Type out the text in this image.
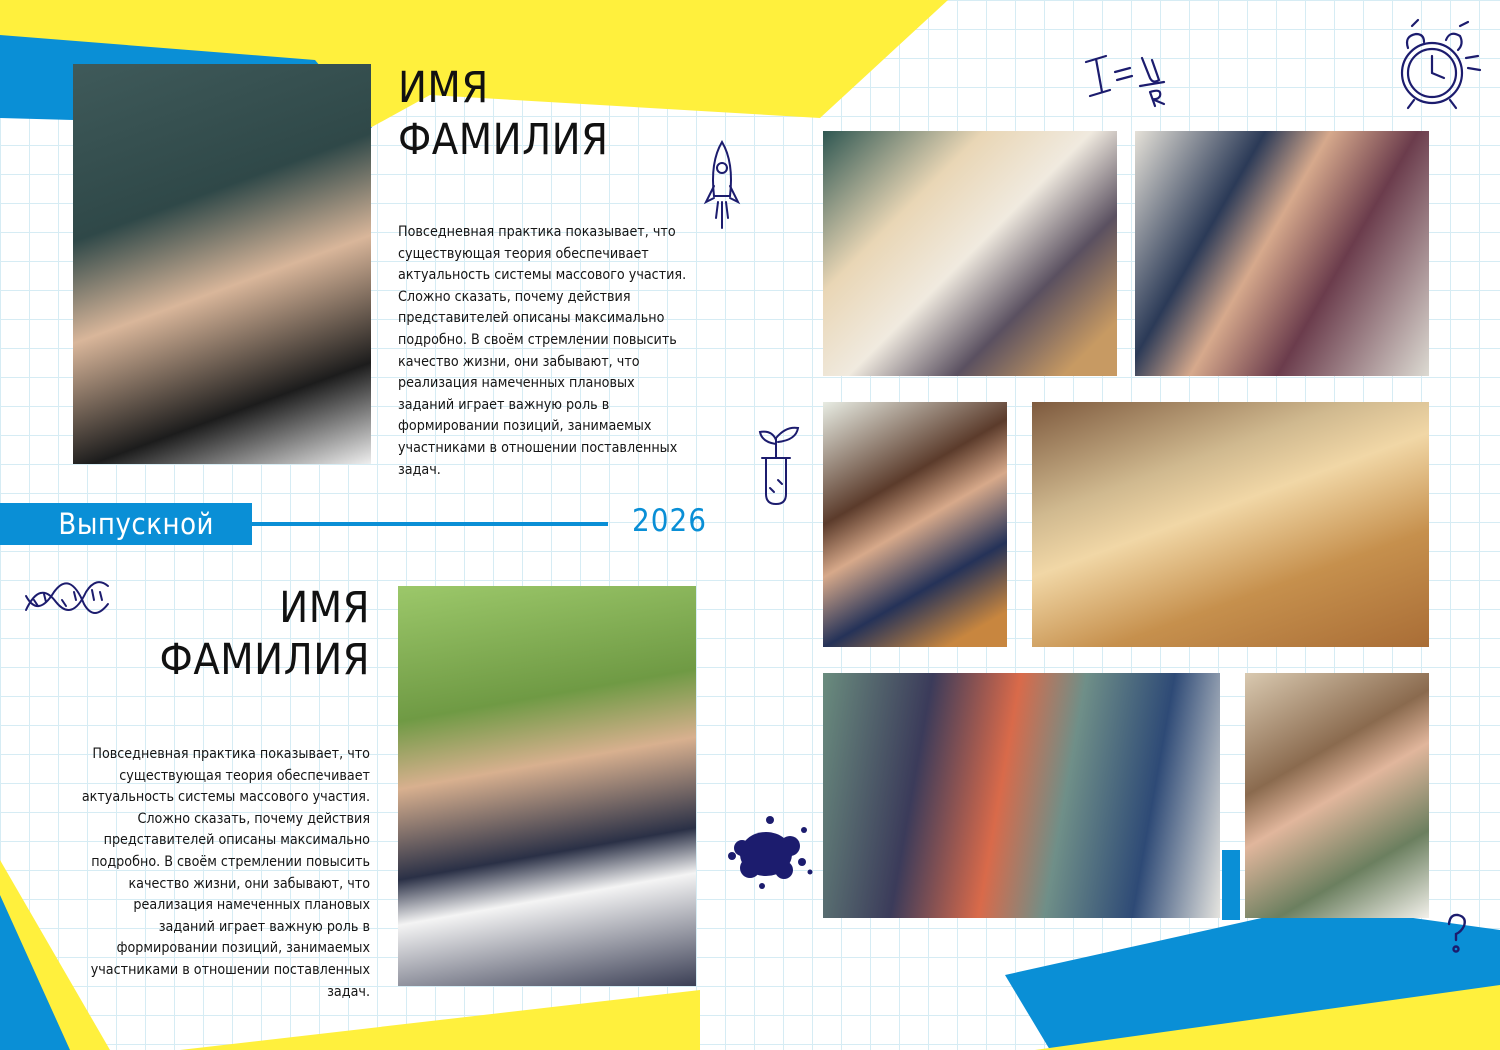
ИМЯ
ФАМИЛИЯ

Повседневная практика показывает, что существующая теория обеспечивает актуальность системы массового участия. Сложно сказать, почему действия представителей описаны максимально подробно. В своём стремлении повысить качество жизни, они забывают, что реализация намеченных плановых заданий играет важную роль в формировании позиций, занимаемых участниками в отношении поставленных задач.

Выпускной	2026
ИМЯ
ФАМИЛИЯ

Повседневная практика показывает, что существующая теория обеспечивает актуальность системы массового участия. Сложно сказать, почему действия представителей описаны максимально подробно. В своём стремлении повысить качество жизни, они забывают, что реализация намеченных плановых заданий играет важную роль в формировании позиций, занимаемых участниками в отношении поставленных задач.
